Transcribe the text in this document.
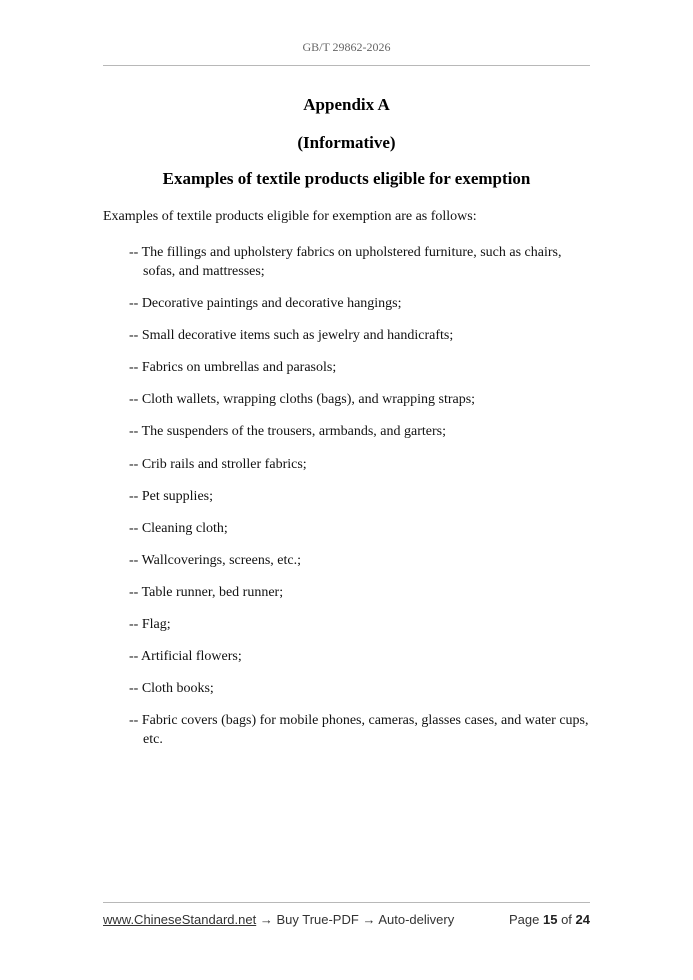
GB/T 29862-2026
Appendix A
(Informative)
Examples of textile products eligible for exemption
Examples of textile products eligible for exemption are as follows:
-- The fillings and upholstery fabrics on upholstered furniture, such as chairs, sofas, and mattresses;
-- Decorative paintings and decorative hangings;
-- Small decorative items such as jewelry and handicrafts;
-- Fabrics on umbrellas and parasols;
-- Cloth wallets, wrapping cloths (bags), and wrapping straps;
-- The suspenders of the trousers, armbands, and garters;
-- Crib rails and stroller fabrics;
-- Pet supplies;
-- Cleaning cloth;
-- Wallcoverings, screens, etc.;
-- Table runner, bed runner;
-- Flag;
-- Artificial flowers;
-- Cloth books;
-- Fabric covers (bags) for mobile phones, cameras, glasses cases, and water cups, etc.
www.ChineseStandard.net → Buy True-PDF → Auto-delivery	Page 15 of 24
